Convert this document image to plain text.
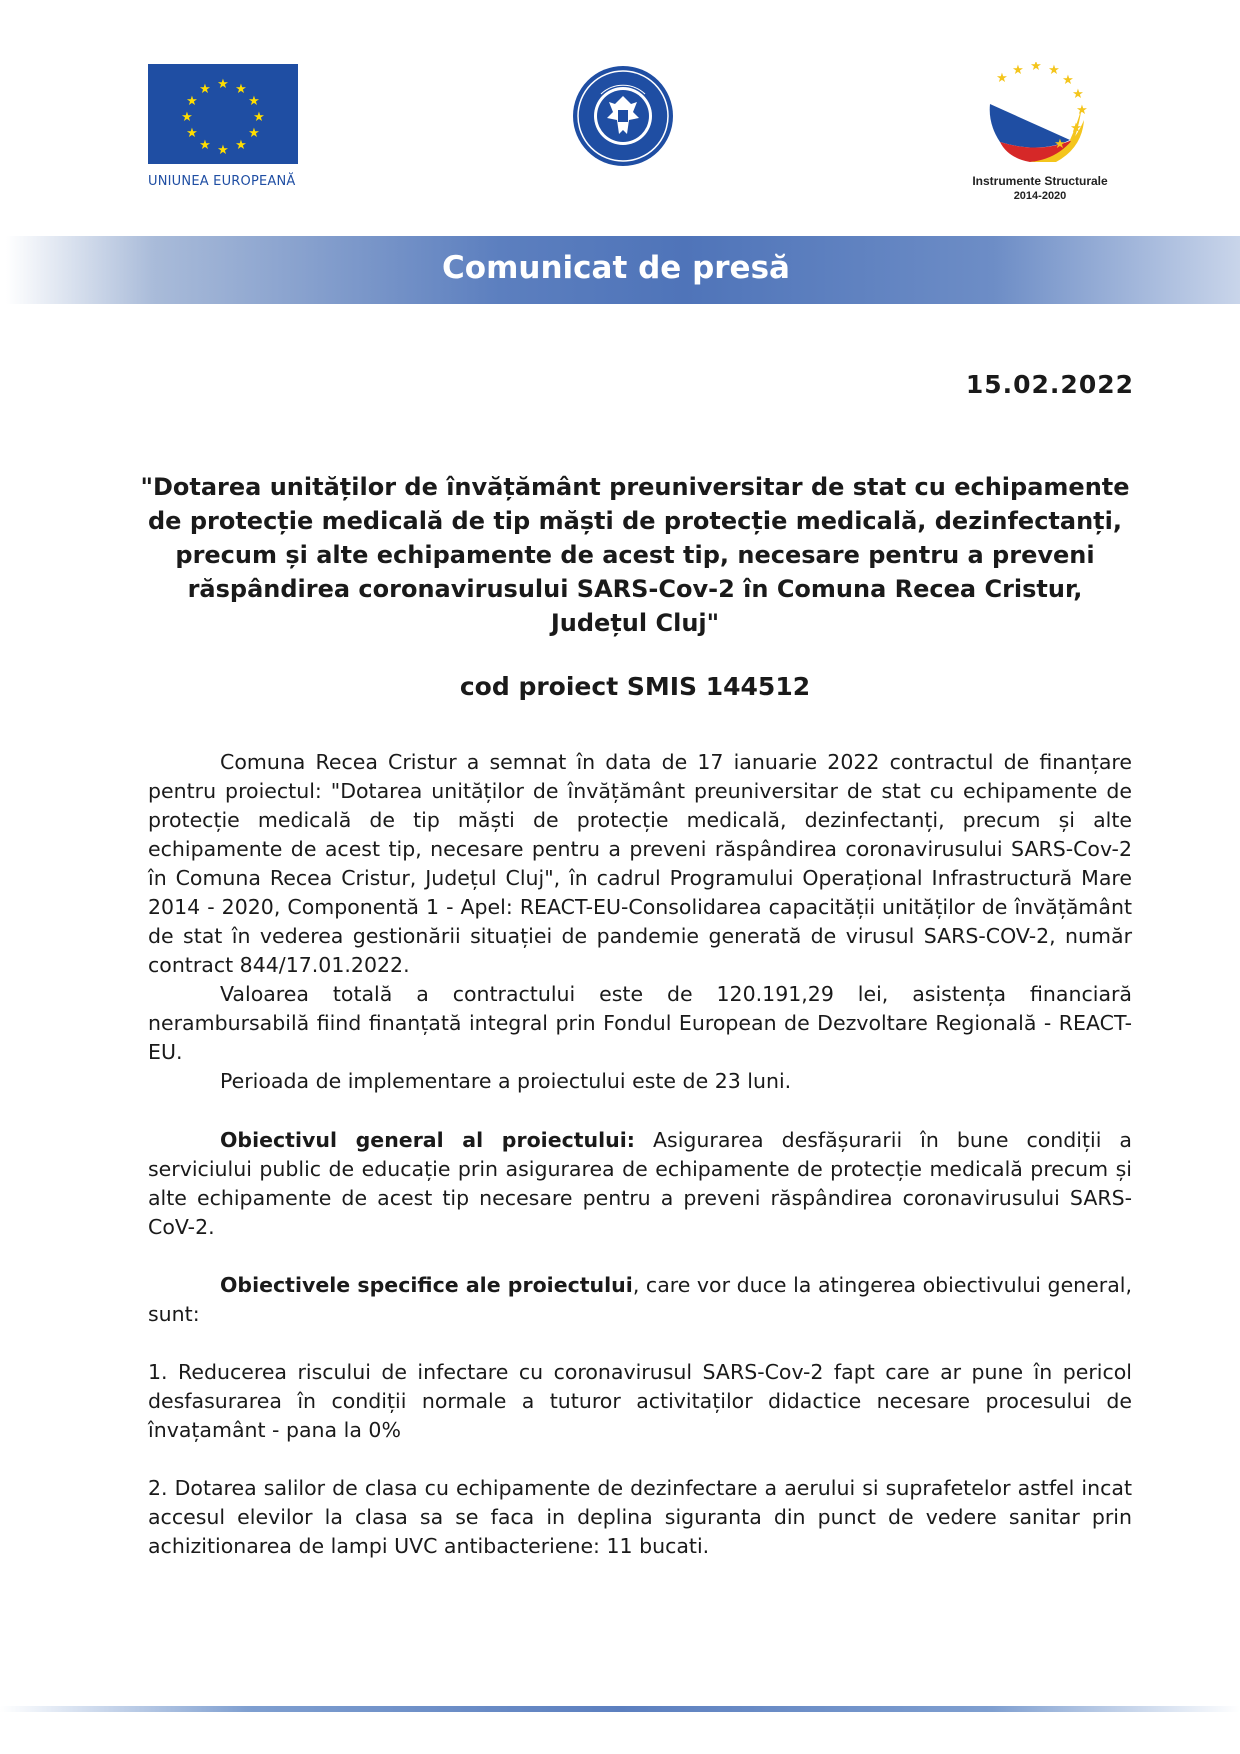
★ ★
★
★
★
★
★
★
★
★
★
★
UNIUNEA EUROPEANĂ
★
★ ★ ★
★
★
★
★
★
Instrumente Structurale
2014-2020
Comunicat de presă
15.02.2022
"Dotarea unităților de învățământ preuniversitar de stat cu echipamente de protecție medicală de tip măști de protecție medicală, dezinfectanți, precum și alte echipamente de acest tip, necesare pentru a preveni răspândirea coronavirusului SARS-Cov-2 în Comuna Recea Cristur, Județul Cluj"
cod proiect SMIS 144512

Comuna Recea Cristur a semnat în data de 17 ianuarie 2022 contractul de finanțare pentru proiectul: "Dotarea unităților de învățământ preuniversitar de stat cu echipamente de protecție medicală de tip măști de protecție medicală, dezinfectanți, precum și alte echipamente de acest tip, necesare pentru a preveni răspândirea coronavirusului SARS-Cov-2 în Comuna Recea Cristur, Județul Cluj", în cadrul Programului Operațional Infrastructură Mare 2014 - 2020, Componentă 1 - Apel: REACT-EU-Consolidarea capacității unităților de învățământ de stat în vederea gestionării situației de pandemie generată de virusul SARS-COV-2, număr contract 844/17.01.2022.

Valoarea totală a contractului este de 120.191,29 lei, asistența financiară nerambursabilă fiind finanțată integral prin Fondul European de Dezvoltare Regională - REACT-EU.

Perioada de implementare a proiectului este de 23 luni.

Obiectivul general al proiectului: Asigurarea desfășurarii în bune condiții a serviciului public de educație prin asigurarea de echipamente de protecție medicală precum și alte echipamente de acest tip necesare pentru a preveni răspândirea coronavirusului SARS-CoV-2.

Obiectivele specifice ale proiectului, care vor duce la atingerea obiectivului general, sunt:

1. Reducerea riscului de infectare cu coronavirusul SARS-Cov-2 fapt care ar pune în pericol desfasurarea în condiții normale a tuturor activitaților didactice necesare procesului de învațamânt - pana la 0%

2. Dotarea salilor de clasa cu echipamente de dezinfectare a aerului si suprafetelor astfel incat accesul elevilor la clasa sa se faca in deplina siguranta din punct de vedere sanitar prin achizitionarea de lampi UVC antibacteriene: 11 bucati.
